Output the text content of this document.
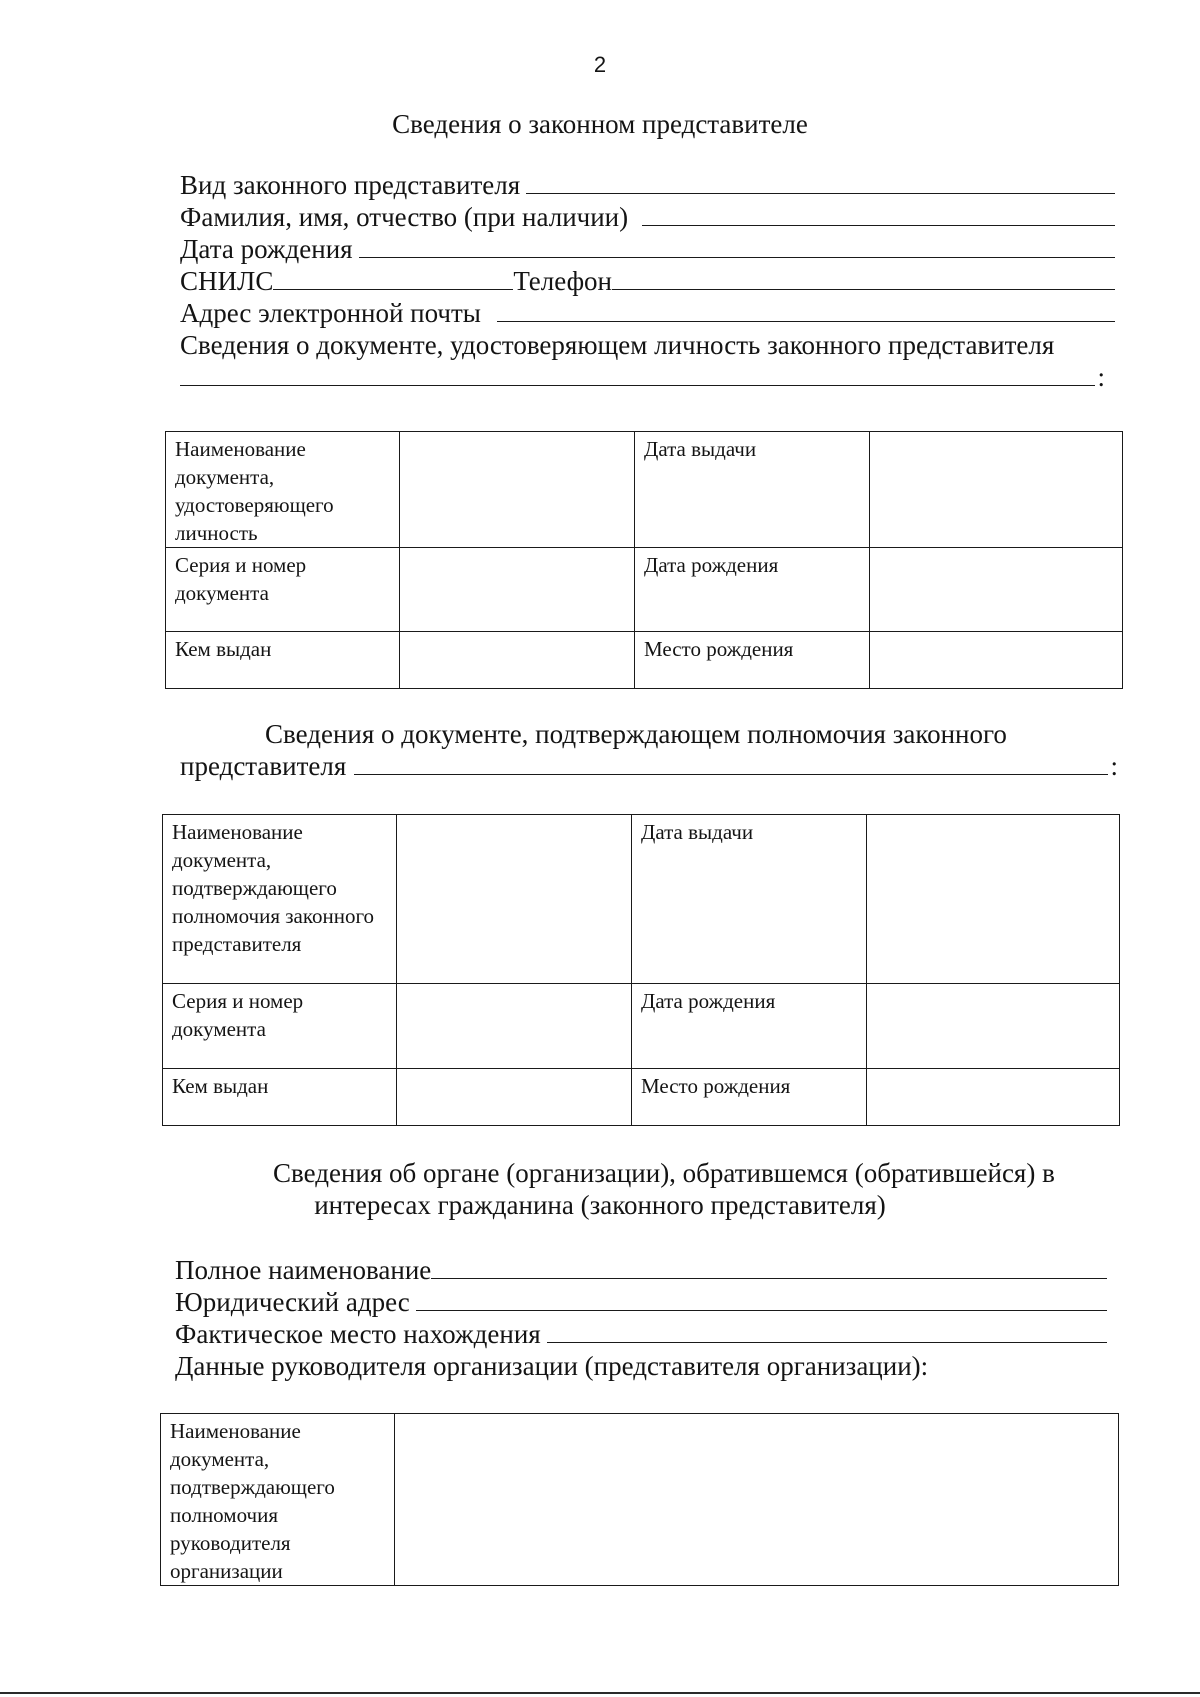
2
Сведения о законном представителе
Вид законного представителя
Фамилия, имя, отчество (при наличии)
Дата рождения
СНИЛС	Телефон
Адрес электронной почты
Сведения о документе, удостоверяющем личность законного представителя
:
Наименование документа, удостоверяющего личность		Дата выдачи	
Серия и номер документа		Дата рождения	
Кем выдан		Место рождения	
Сведения о документе, подтверждающем полномочия законного
представителя	:
Наименование документа, подтверждающего полномочия законного представителя		Дата выдачи	
Серия и номер документа		Дата рождения	
Кем выдан		Место рождения	
Сведения об органе (организации), обратившемся (обратившейся) в
интересах гражданина (законного представителя)
Полное наименование
Юридический адрес
Фактическое место нахождения
Данные руководителя организации (представителя организации):
Наименование документа, подтверждающего полномочия руководителя организации	
